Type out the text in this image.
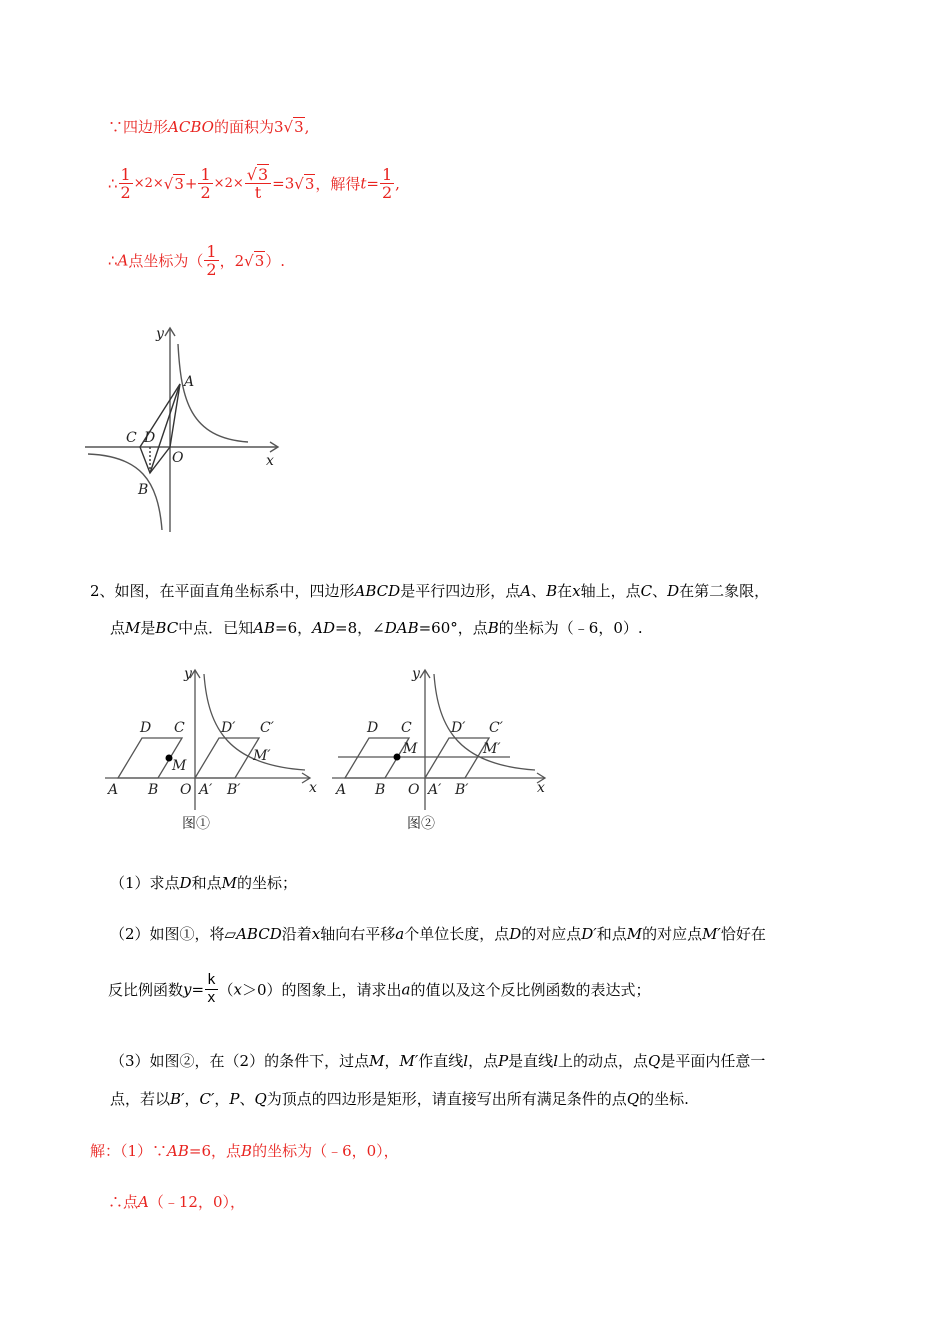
∵四边形ACBO的面积为3√3,
∴ $\frac{1}{2} \times 2\times√3+ \frac{1}{2} \times 2\times \frac{√3}{t} =3√3$，解得$t= \frac{1}{2}$ ,
∴A点坐标为（ $\frac{1}{2}$ ，2√3）.
y
x
A
C D
O
B
2、如图，在平面直角坐标系中，四边形ABCD是平行四边形，点A、B在x轴上，点C、D在第二象限，
点M是BC中点．已知AB=6，AD=8，∠DAB=60°，点B的坐标为（﹣6，0）.
y
x
D C	D′ C′
M
M′
A B O A′ B′
y
x
D C	D′ C′
M	M′
A B O A′ B′
图①	图②
（1）求点D和点M的坐标；
（2）如图①，将▱ABCD沿着x轴向右平移a个单位长度，点D的对应点D′和点M的对应点M′恰好在
反比例函数$y= \frac{k}{x} (x>0)$的图象上，请求出a的值以及这个反比例函数的表达式；
（3）如图②，在（2）的条件下，过点M，M′作直线l，点P是直线l上的动点，点Q是平面内任意一
点，若以B′，C′，P、Q为顶点的四边形是矩形，请直接写出所有满足条件的点Q的坐标.
解：（1）∵AB=6，点B的坐标为（﹣6，0），
∴点A（﹣12，0），
